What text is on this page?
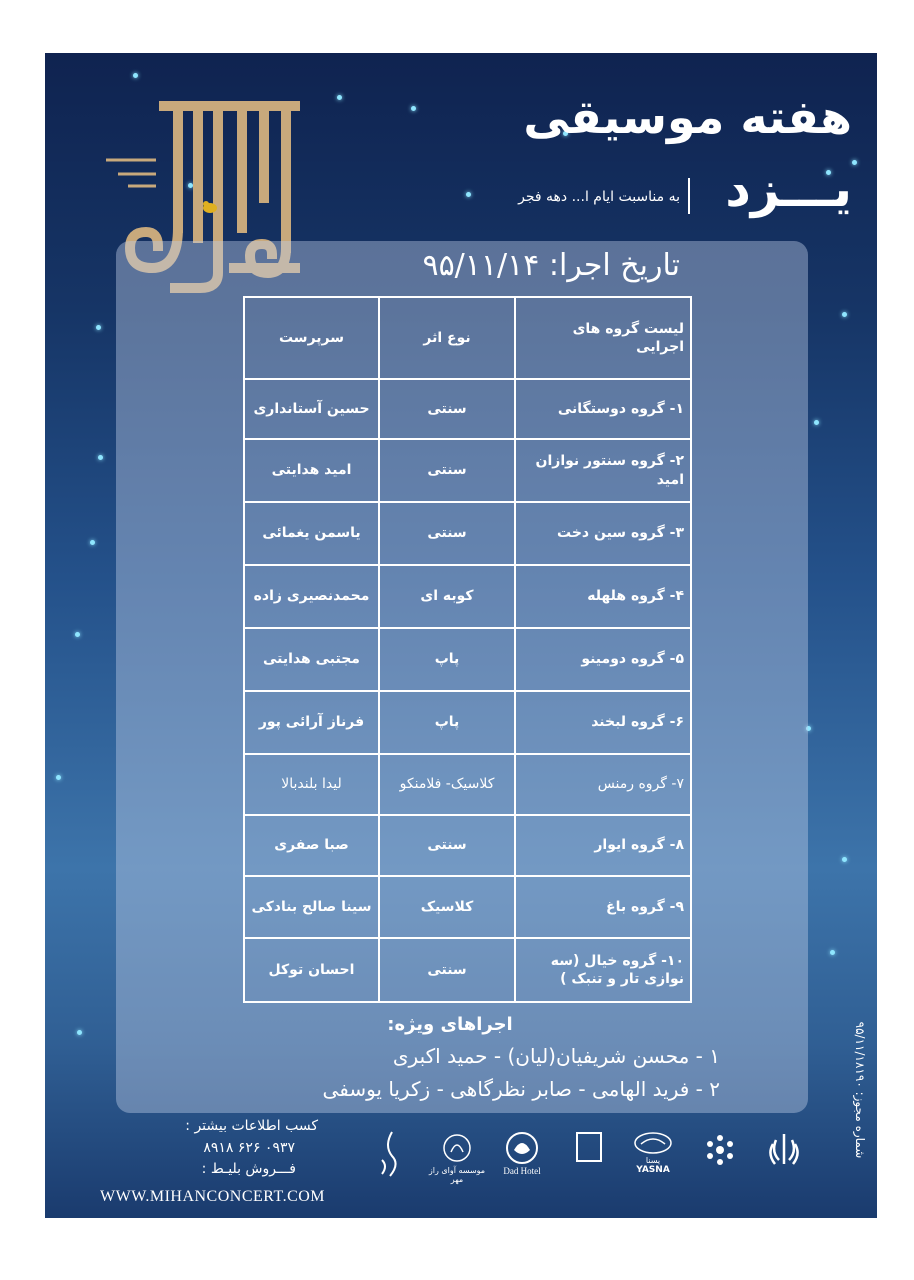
هفته موسیقی
یـــزد
به مناسبت ایام ا... دهه فجر
تاریخ اجرا: ۹۵/۱۱/۱۴
سرپرست	نوع اثر	لیست گروه های اجرایی
حسین آستانداری	سنتی	۱- گروه دوستگانی
امید هدایتی	سنتی	۲- گروه سنتور نوازان امید
یاسمن یغمائی	سنتی	۳- گروه سین دخت
محمدنصیری زاده	کوبه ای	۴- گروه هلهله
مجتبی هدایتی	پاپ	۵- گروه دومینو
فرناز آرائی پور	پاپ	۶- گروه لبخند
لیدا بلندبالا	کلاسیک- فلامنکو	۷- گروه رمنس
صبا صفری	سنتی	۸- گروه ایوار
سینا صالح بنادکی	کلاسیک	۹- گروه باغ
احسان توکل	سنتی	۱۰- گروه خیال (سه نوازی تار و تنبک )
اجراهای ویژه:
۱ - محسن شریفیان(لیان) - حمید اکبری
۲ - فرید الهامی - صابر نظرگاهی - زکریا یوسفی
کسب اطلاعات بیشتر :
۰۹۳۷ ۶۲۶ ۸۹۱۸
فـــروش بلیـط :
WWW.MIHANCONCERT.COM
شماره مجوز: ۹۵/۱۱/۱۸۱۹۰
موسسه آوای راز مهر
Dad Hotel
یسنا YASNA
